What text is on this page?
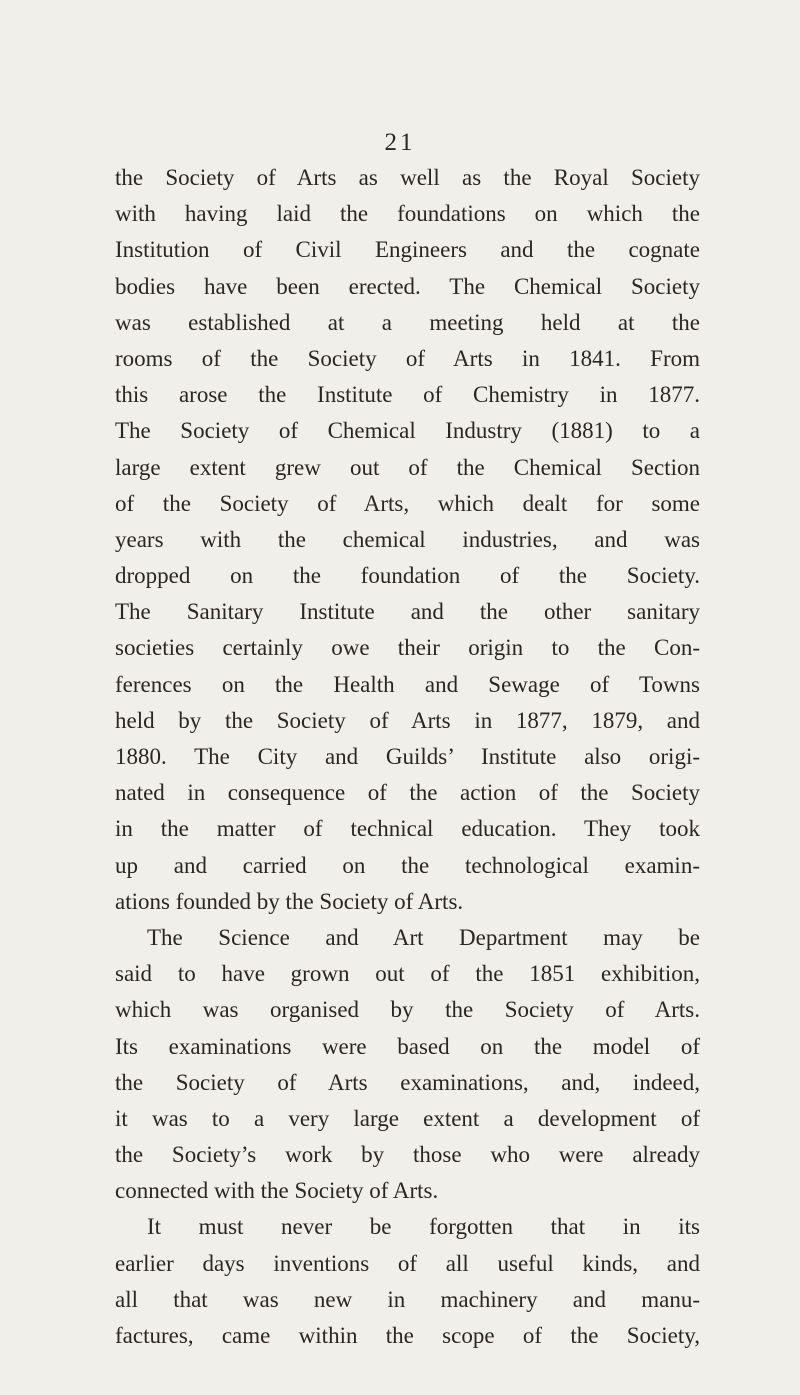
21
the Society of Arts as well as the Royal Society
with having laid the foundations on which the
Institution of Civil Engineers and the cognate
bodies have been erected. The Chemical Society
was established at a meeting held at the
rooms of the Society of Arts in 1841. From
this arose the Institute of Chemistry in 1877.
The Society of Chemical Industry (1881) to a
large extent grew out of the Chemical Section
of the Society of Arts, which dealt for some
years with the chemical industries, and was
dropped on the foundation of the Society.
The Sanitary Institute and the other sanitary
societies certainly owe their origin to the Con-
ferences on the Health and Sewage of Towns
held by the Society of Arts in 1877, 1879, and
1880. The City and Guilds’ Institute also origi-
nated in consequence of the action of the Society
in the matter of technical education. They took
up and carried on the technological examin-
ations founded by the Society of Arts.
The Science and Art Department may be
said to have grown out of the 1851 exhibition,
which was organised by the Society of Arts.
Its examinations were based on the model of
the Society of Arts examinations, and, indeed,
it was to a very large extent a development of
the Society’s work by those who were already
connected with the Society of Arts.
It must never be forgotten that in its
earlier days inventions of all useful kinds, and
all that was new in machinery and manu-
factures, came within the scope of the Society,
